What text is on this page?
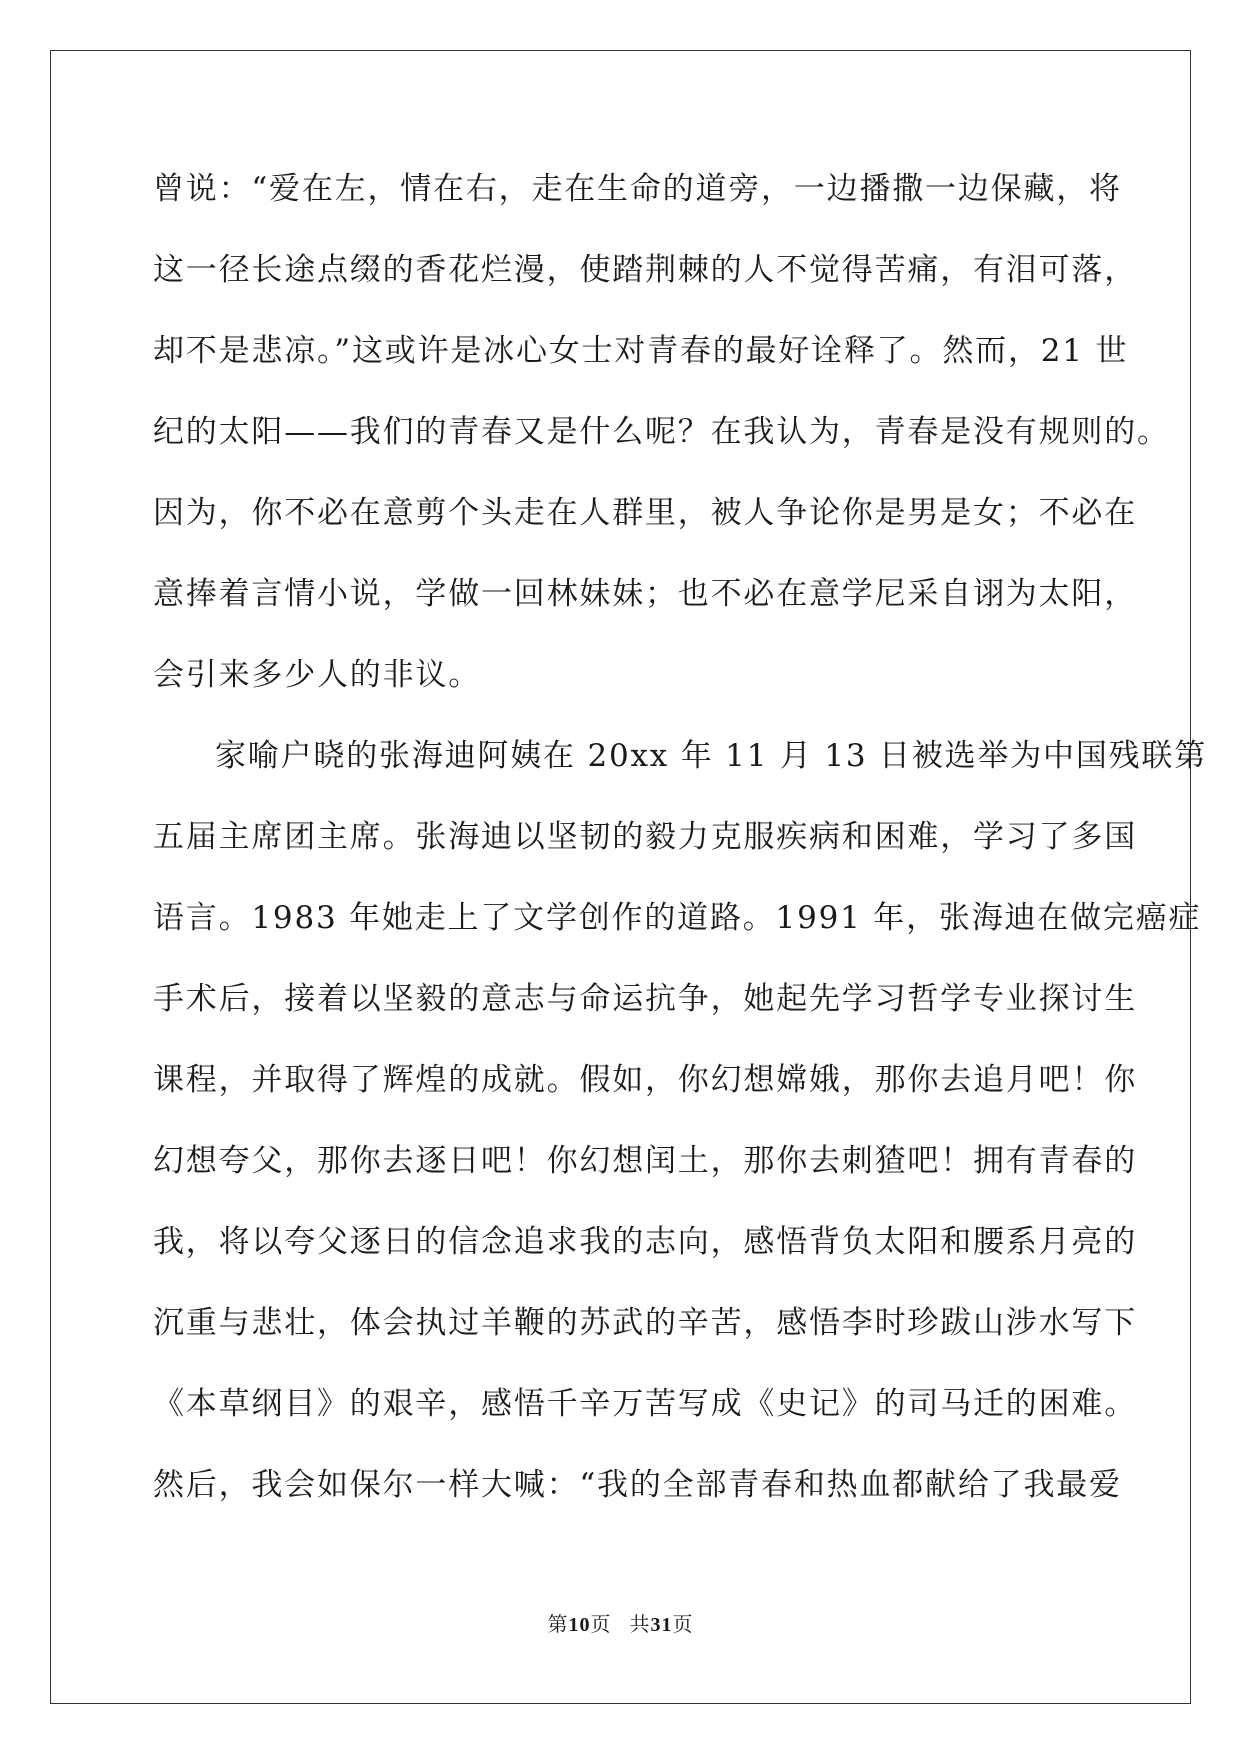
曾说：“爱在左，情在右，走在生命的道旁，一边播撒一边保藏，将
这一径长途点缀的香花烂漫，使踏荆棘的人不觉得苦痛，有泪可落，
却不是悲凉。”这或许是冰心女士对青春的最好诠释了。然而，21 世
纪的太阳——我们的青春又是什么呢？在我认为，青春是没有规则的。
因为，你不必在意剪个头走在人群里，被人争论你是男是女；不必在
意捧着言情小说，学做一回林妹妹；也不必在意学尼采自诩为太阳，
会引来多少人的非议。
家喻户晓的张海迪阿姨在 20xx 年 11 月 13 日被选举为中国残联第
五届主席团主席。张海迪以坚韧的毅力克服疾病和困难，学习了多国
语言。1983 年她走上了文学创作的道路。1991 年，张海迪在做完癌症
手术后，接着以坚毅的意志与命运抗争，她起先学习哲学专业探讨生
课程，并取得了辉煌的成就。假如，你幻想嫦娥，那你去追月吧！你
幻想夸父，那你去逐日吧！你幻想闰土，那你去刺猹吧！拥有青春的
我，将以夸父逐日的信念追求我的志向，感悟背负太阳和腰系月亮的
沉重与悲壮，体会执过羊鞭的苏武的辛苦，感悟李时珍跋山涉水写下
《本草纲目》的艰辛，感悟千辛万苦写成《史记》的司马迁的困难。
然后，我会如保尔一样大喊：“我的全部青春和热血都献给了我最爱
第10页 共31页
